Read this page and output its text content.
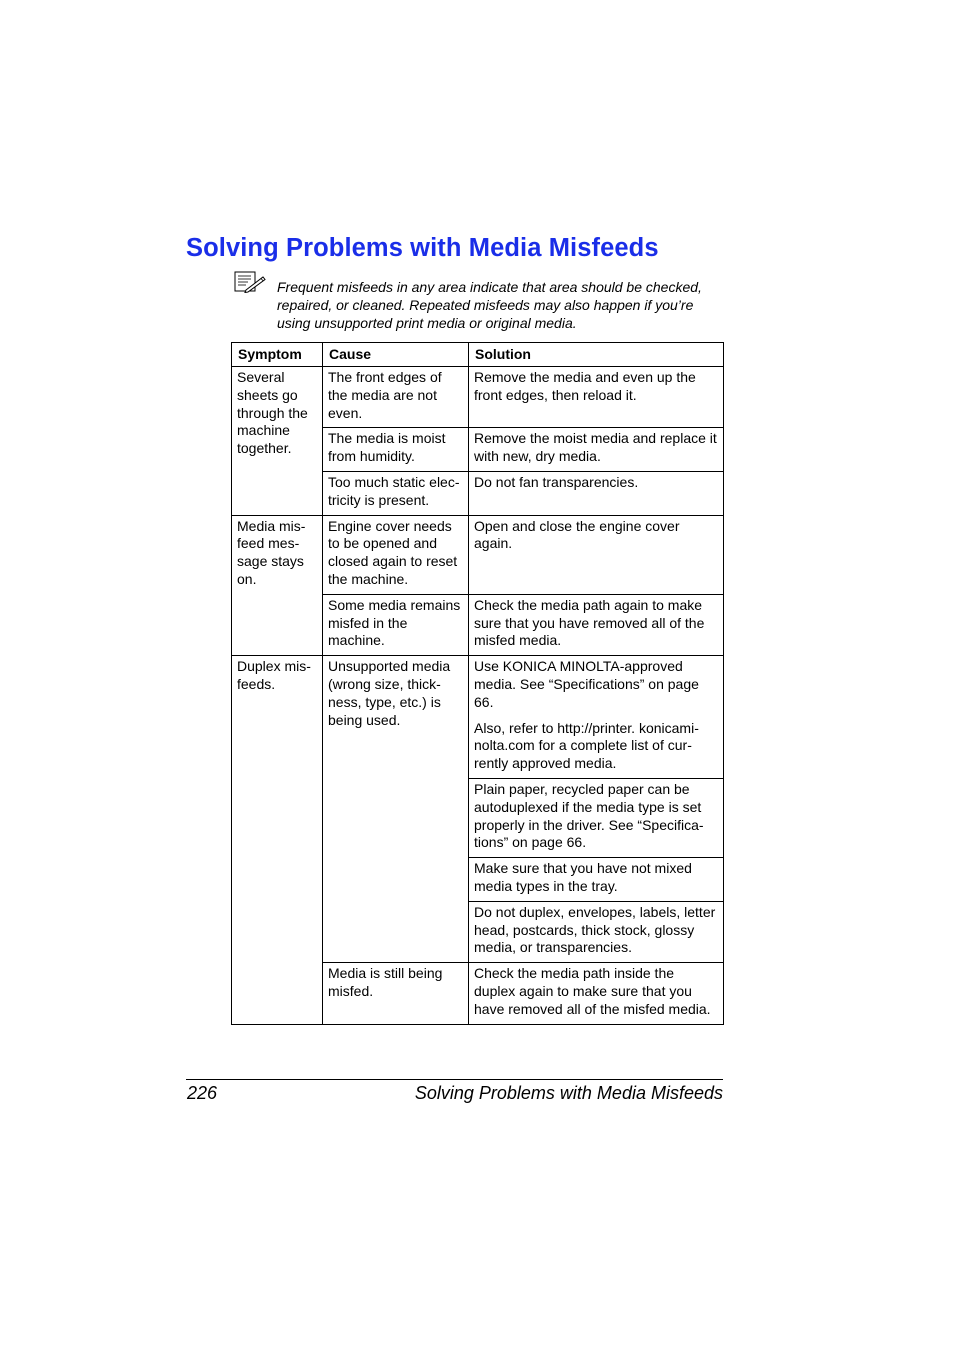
Solving Problems with Media Misfeeds
Frequent misfeeds in any area indicate that area should be checked, repaired, or cleaned. Repeated misfeeds may also happen if you’re using unsupported print media or original media.
Symptom	Cause	Solution
Several sheets go through the machine together.	The front edges of the media are not even.	Remove the media and even up the front edges, then reload it.

	The media is moist from humidity.	Remove the moist media and replace it with new, dry media.

	Too much static elec-tricity is present.	Do not fan transparencies.

Media mis-feed mes-sage stays on.	Engine cover needs to be opened and closed again to reset the machine.	Open and close the engine cover again.

	Some media remains misfed in the machine.	Check the media path again to make sure that you have removed all of the misfed media.

Duplex mis-feeds.	Unsupported media (wrong size, thick-ness, type, etc.) is being used.	Use KONICA MINOLTA-approved media. See “Specifications” on page 66.

Also, refer to http://printer. konicami-nolta.com for a complete list of cur-rently approved media.

		Plain paper, recycled paper can be autoduplexed if the media type is set properly in the driver. See “Specifica-tions” on page 66.

		Make sure that you have not mixed media types in the tray.

		Do not duplex, envelopes, labels, letter head, postcards, thick stock, glossy media, or transparencies.

	Media is still being misfed.	Check the media path inside the duplex again to make sure that you have removed all of the misfed media.

226	Solving Problems with Media Misfeeds
